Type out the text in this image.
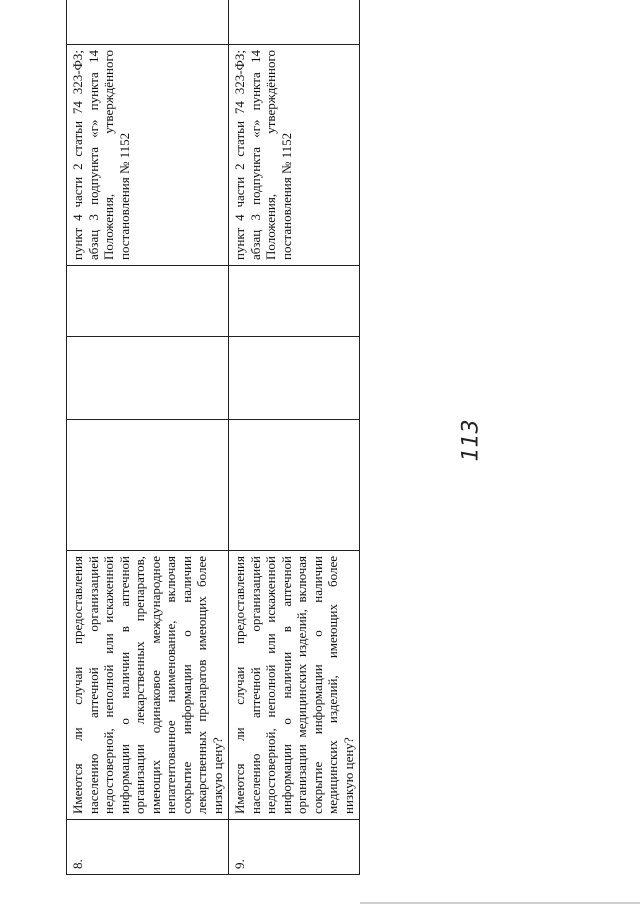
8.	Имеются ли случаи предоставления населению аптечной организацией недостоверной, неполной или искаженной информации о наличии в аптечной организации лекарственных препаратов, имеющих одинаковое международное непатентованное наименование, включая сокрытие информации о наличии лекарственных препаратов имеющих более низкую цену?				пункт 4 части 2 статьи 74 323-ФЗ; абзац 3 подпункта «г» пункта 14 Положения, утверждённого постановления № 1152	
9.	Имеются ли случаи предоставления населению аптечной организацией недостоверной, неполной или искаженной информации о наличии в аптечной организации медицинских изделий, включая сокрытие информации о наличии медицинских изделий, имеющих более низкую цену?				пункт 4 части 2 статьи 74 323-ФЗ; абзац 3 подпункта «г» пункта 14 Положения, утверждённого постановления № 1152	
113
